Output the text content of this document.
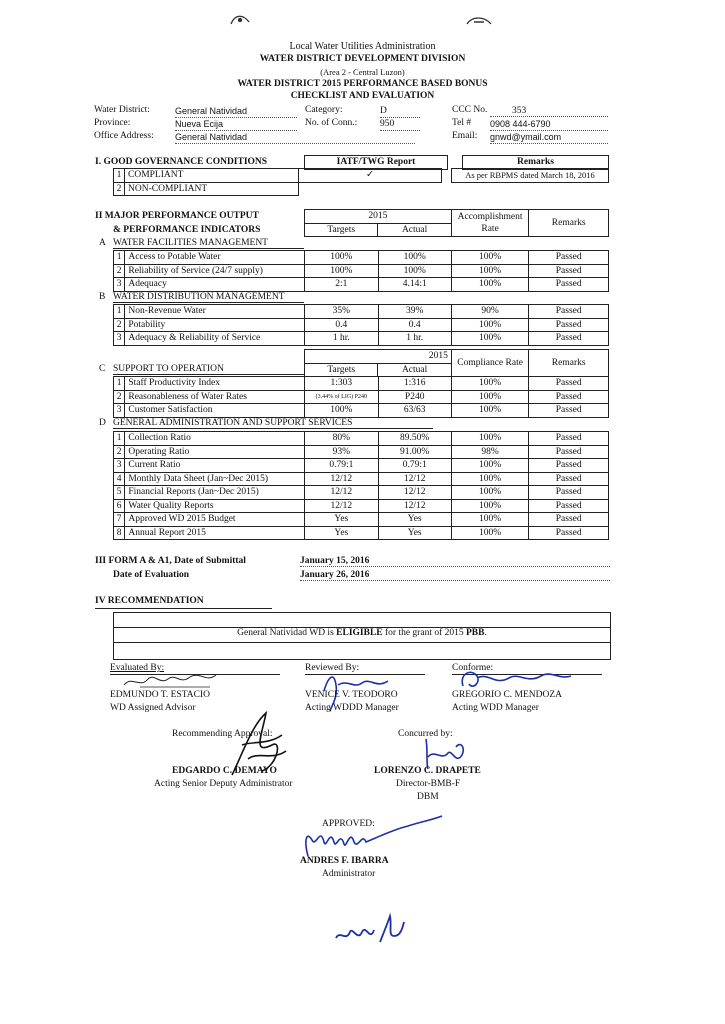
Local Water Utilities Administration
WATER DISTRICT DEVELOPMENT DIVISION
(Area 2 - Central Luzon)
WATER DISTRICT 2015 PERFORMANCE BASED BONUS
CHECKLIST AND EVALUATION
Water District:	General Natividad
Province:	Nueva Ecija
Office Address: General Natividad
Category:	D
No. of Conn.: 950
CCC No.	353
Tel # 0908 444-6790
Email: gnwd@ymail.com
I. GOOD GOVERNANCE CONDITIONS	IATF/TWG Report		Remarks
1	COMPLIANT	✓		As per RBPMS dated March 18, 2016
2	NON-COMPLIANT			
II MAJOR PERFORMANCE OUTPUT
& PERFORMANCE INDICATORS
2015		Accomplishment
Rate	Remarks
Targets	Actual		
A WATER FACILITIES MANAGEMENT
1	Access to Potable Water	100%	100%	100%	Passed
2	Reliability of Service (24/7 supply)	100%	100%	100%	Passed
3	Adequacy	2:1	4.14:1	100%	Passed
B WATER DISTRIBUTION MANAGEMENT
1	Non-Revenue Water	35%	39%	90%	Passed
2	Potability	0.4	0.4	100%	Passed
3	Adequacy & Reliability of Service	1 hr.	1 hr.	100%	Passed
2015		Compliance Rate	Remarks
Targets	Actual		
C SUPPORT TO OPERATION
1	Staff Productivity Index	1:303	1:316	100%	Passed
2	Reasonableness of Water Rates	(3.44% of LIG) P240	P240	100%	Passed
3	Customer Satisfaction	100%	63/63	100%	Passed
D GENERAL ADMINISTRATION AND SUPPORT SERVICES
1	Collection Ratio	80%	89.50%	100%	Passed
2	Operating Ratio	93%	91.00%	98%	Passed
3	Current Ratio	0.79:1	0.79:1	100%	Passed
4	Monthly Data Sheet (Jan~Dec 2015)	12/12	12/12	100%	Passed
5	Financial Reports (Jan~Dec 2015)	12/12	12/12	100%	Passed
6	Water Quality Reports	12/12	12/12	100%	Passed
7	Approved WD 2015 Budget	Yes	Yes	100%	Passed
8	Annual Report 2015	Yes	Yes	100%	Passed
III FORM A & A1, Date of Submittal
Date of Evaluation
January 15, 2016
January 26, 2016
IV RECOMMENDATION
General Natividad WD is ELIGIBLE for the grant of 2015 PBB.
Evaluated By:
EDMUNDO T. ESTACIO
WD Assigned Advisor
Reviewed By:
VENICE V. TEODORO
Acting WDDD Manager
Conforme:
GREGORIO C. MENDOZA
Acting WDD Manager
Recommending Approval:
EDGARDO C. DEMAYO
Acting Senior Deputy Administrator
Concurred by:
LORENZO C. DRAPETE
Director-BMB-F
DBM
APPROVED:
ANDRES F. IBARRA
Administrator
